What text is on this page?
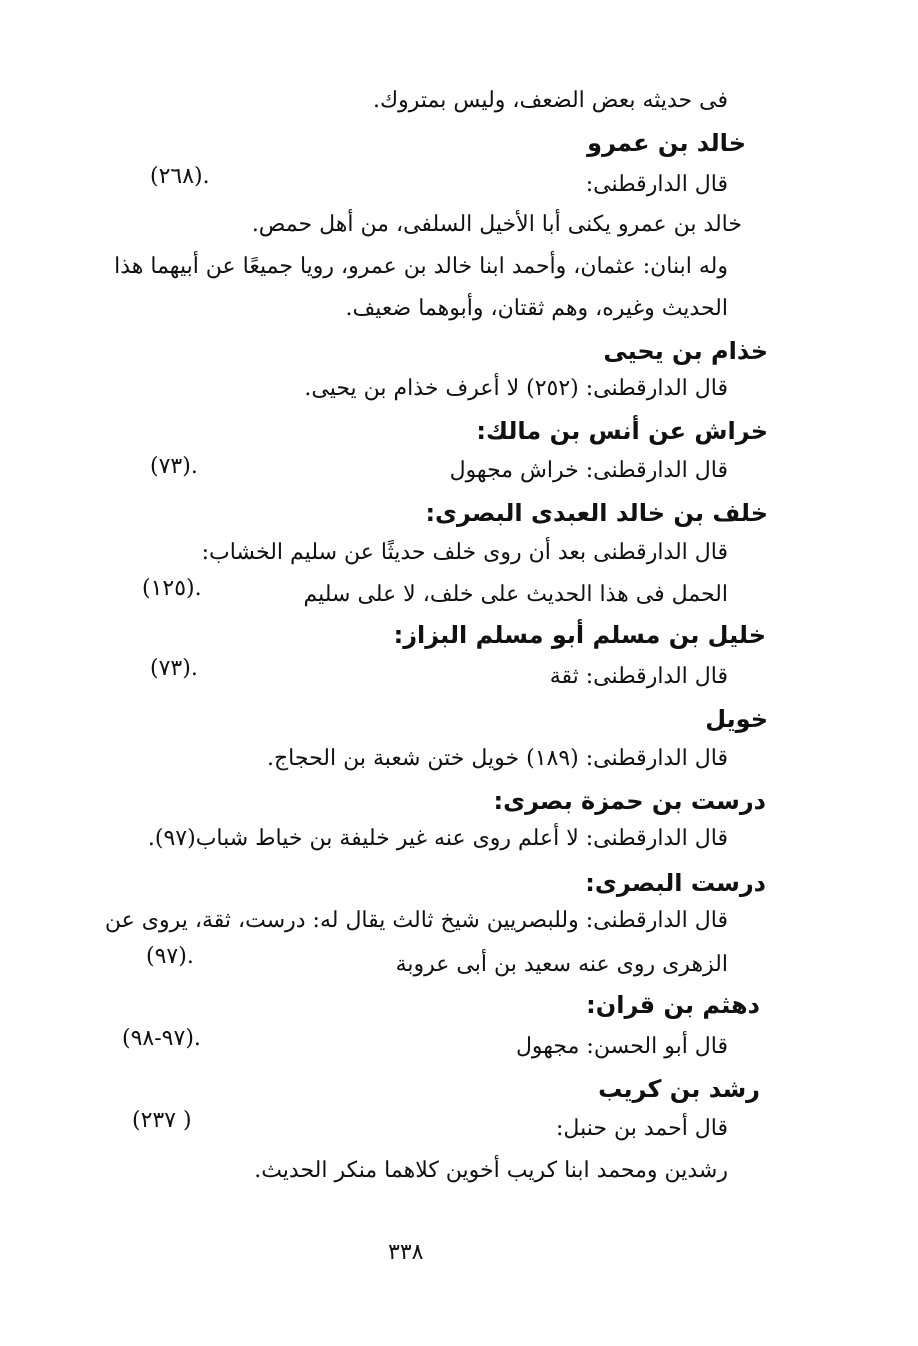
فى حديثه بعض الضعف، وليس بمتروك.
خالد بن عمرو
قال الدارقطنى:
(٢٦٨).
خالد بن عمرو يكنى أبا الأخيل السلفى، من أهل حمص.
وله ابنان: عثمان، وأحمد ابنا خالد بن عمرو، رويا جميعًا عن أبيهما هذا
الحديث وغيره، وهم ثقتان، وأبوهما ضعيف.
خذام بن يحيى
قال الدارقطنى: (٢٥٢) لا أعرف خذام بن يحيى.
خراش عن أنس بن مالك:
قال الدارقطنى: خراش مجهول
(٧٣).
خلف بن خالد العبدى البصرى:
قال الدارقطنى بعد أن روى خلف حديثًا عن سليم الخشاب:
الحمل فى هذا الحديث على خلف، لا على سليم
(١٢٥).
خليل بن مسلم أبو مسلم البزاز:
قال الدارقطنى: ثقة
(٧٣).
خويل
قال الدارقطنى: (١٨٩) خويل ختن شعبة بن الحجاج.
درست بن حمزة بصرى:
قال الدارقطنى: لا أعلم روى عنه غير خليفة بن خياط شباب(٩٧).
درست البصرى:
قال الدارقطنى: وللبصريين شيخ ثالث يقال له: درست، ثقة، يروى عن
الزهرى روى عنه سعيد بن أبى عروبة
(٩٧).
دهثم بن قران:
قال أبو الحسن: مجهول
(٩٧-٩٨).
رشد بن كريب
قال أحمد بن حنبل:
(٢٣٧ )
رشدين ومحمد ابنا كريب أخوين كلاهما منكر الحديث.
٣٣٨
